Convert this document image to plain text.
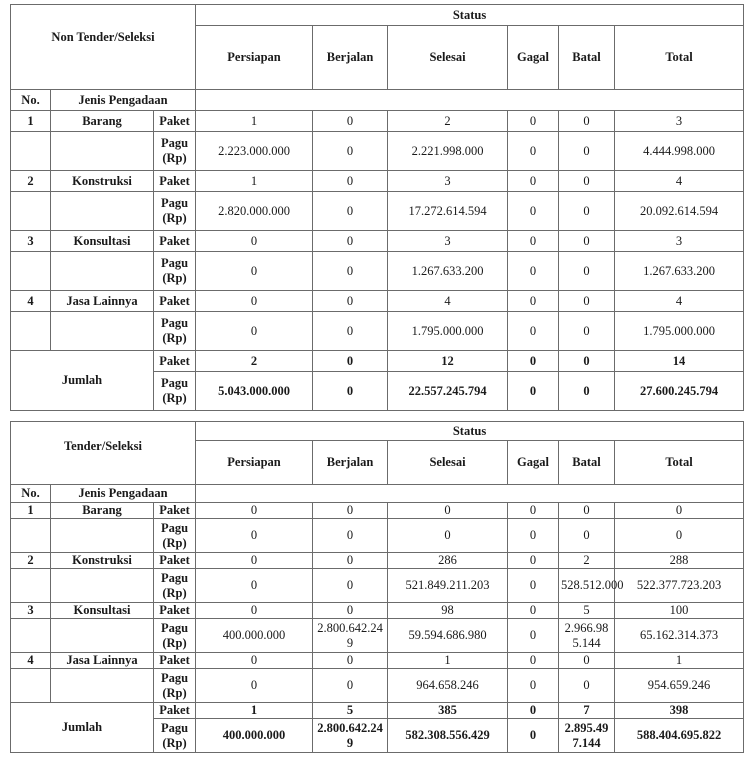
Non Tender/Seleksi			Status					
			Persiapan	Berjalan	Selesai	Gagal	Batal	Total

No.	Jenis Pengadaan							
1	Barang	Paket	1	0	2	0	0	3
		Pagu (Rp)	2.223.000.000	0	2.221.998.000	0	0	4.444.998.000
2	Konstruksi	Paket	1	0	3	0	0	4
		Pagu (Rp)	2.820.000.000	0	17.272.614.594	0	0	20.092.614.594
3	Konsultasi	Paket	0	0	3	0	0	3
		Pagu (Rp)	0	0	1.267.633.200	0	0	1.267.633.200
4	Jasa Lainnya	Paket	0	0	4	0	0	4
		Pagu (Rp)	0	0	1.795.000.000	0	0	1.795.000.000
Jumlah		Paket	2	0	12	0	0	14
		Pagu (Rp)	5.043.000.000	0	22.557.245.794	0	0	27.600.245.794
Tender/Seleksi			Status					
			Persiapan	Berjalan	Selesai	Gagal	Batal	Total

No.	Jenis Pengadaan							
1	Barang	Paket	0	0	0	0	0	0
		Pagu (Rp)	0	0	0	0	0	0
2	Konstruksi	Paket	0	0	286	0	2	288
		Pagu (Rp)	0	0	521.849.211.203	0	528.512.000	522.377.723.203
3	Konsultasi	Paket	0	0	98	0	5	100
		Pagu (Rp)	400.000.000	2.800.642.249	59.594.686.980	0	2.966.985.144	65.162.314.373
4	Jasa Lainnya	Paket	0	0	1	0	0	1
		Pagu (Rp)	0	0	964.658.246	0	0	954.659.246
Jumlah		Paket	1	5	385	0	7	398
		Pagu (Rp)	400.000.000	2.800.642.249	582.308.556.429	0	2.895.497.144	588.404.695.822
